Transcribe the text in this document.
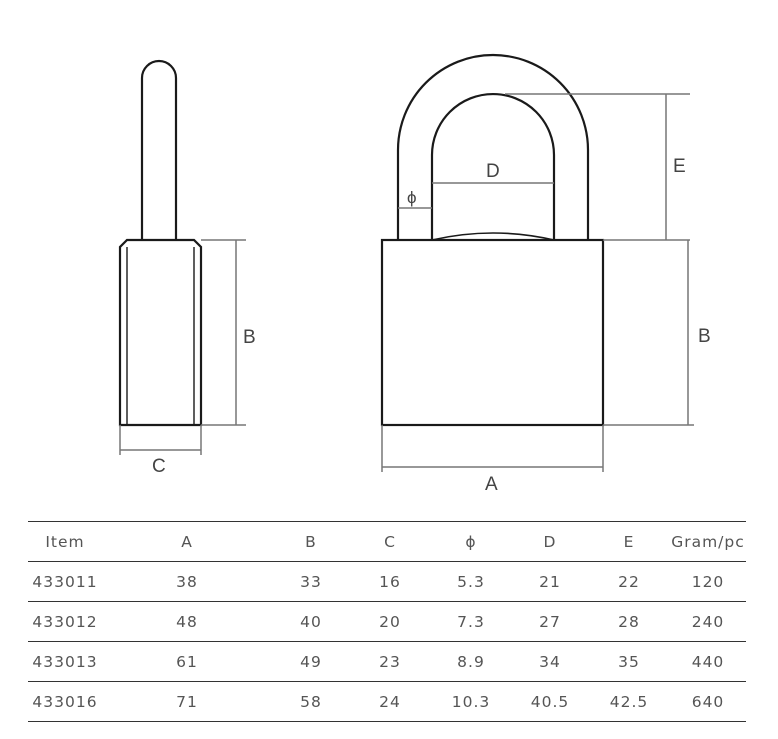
B
C
E
D
ϕ
B
A
Item	A	B	C	ϕ	D	E	Gram/pc
433011	38	33	16	5.3	21	22	120
433012	48	40	20	7.3	27	28	240
433013	61	49	23	8.9	34	35	440
433016	71	58	24	10.3	40.5	42.5	640
